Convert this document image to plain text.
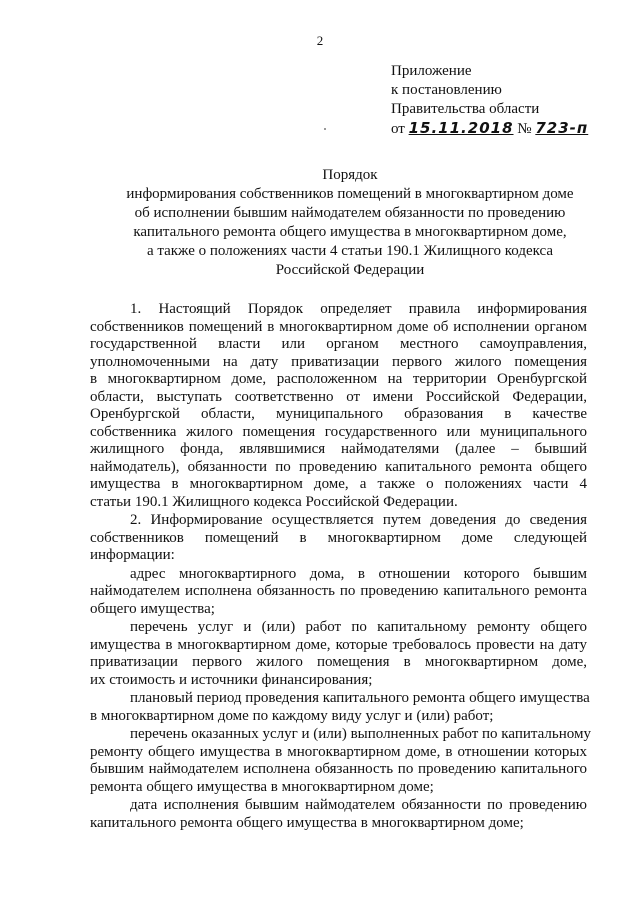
2
Приложение
к постановлению
Правительства области
от 15.11.2018 № 723-п
Порядок
информирования собственников помещений в многоквартирном доме
об исполнении бывшим наймодателем обязанности по проведению
капитального ремонта общего имущества в многоквартирном доме,
а также о положениях части 4 статьи 190.1 Жилищного кодекса
Российской Федерации

1. Настоящий Порядок определяет правила информирования
собственников помещений в многоквартирном доме об исполнении органом
государственной власти или органом местного самоуправления,
уполномоченными на дату приватизации первого жилого помещения
в многоквартирном доме, расположенном на территории Оренбургской
области, выступать соответственно от имени Российской Федерации,
Оренбургской области, муниципального образования в качестве
собственника жилого помещения государственного или муниципального
жилищного фонда, являвшимися наймодателями (далее – бывший
наймодатель), обязанности по проведению капитального ремонта общего
имущества в многоквартирном доме, а также о положениях части 4
статьи 190.1 Жилищного кодекса Российской Федерации.

2. Информирование осуществляется путем доведения до сведения
собственников помещений в многоквартирном доме следующей
информации:

адрес многоквартирного дома, в отношении которого бывшим
наймодателем исполнена обязанность по проведению капитального ремонта
общего имущества;

перечень услуг и (или) работ по капитальному ремонту общего
имущества в многоквартирном доме, которые требовалось провести на дату
приватизации первого жилого помещения в многоквартирном доме,
их стоимость и источники финансирования;

плановый период проведения капитального ремонта общего имущества
в многоквартирном доме по каждому виду услуг и (или) работ;

перечень оказанных услуг и (или) выполненных работ по капитальному
ремонту общего имущества в многоквартирном доме, в отношении которых
бывшим наймодателем исполнена обязанность по проведению капитального
ремонта общего имущества в многоквартирном доме;

дата исполнения бывшим наймодателем обязанности по проведению
капитального ремонта общего имущества в многоквартирном доме;
